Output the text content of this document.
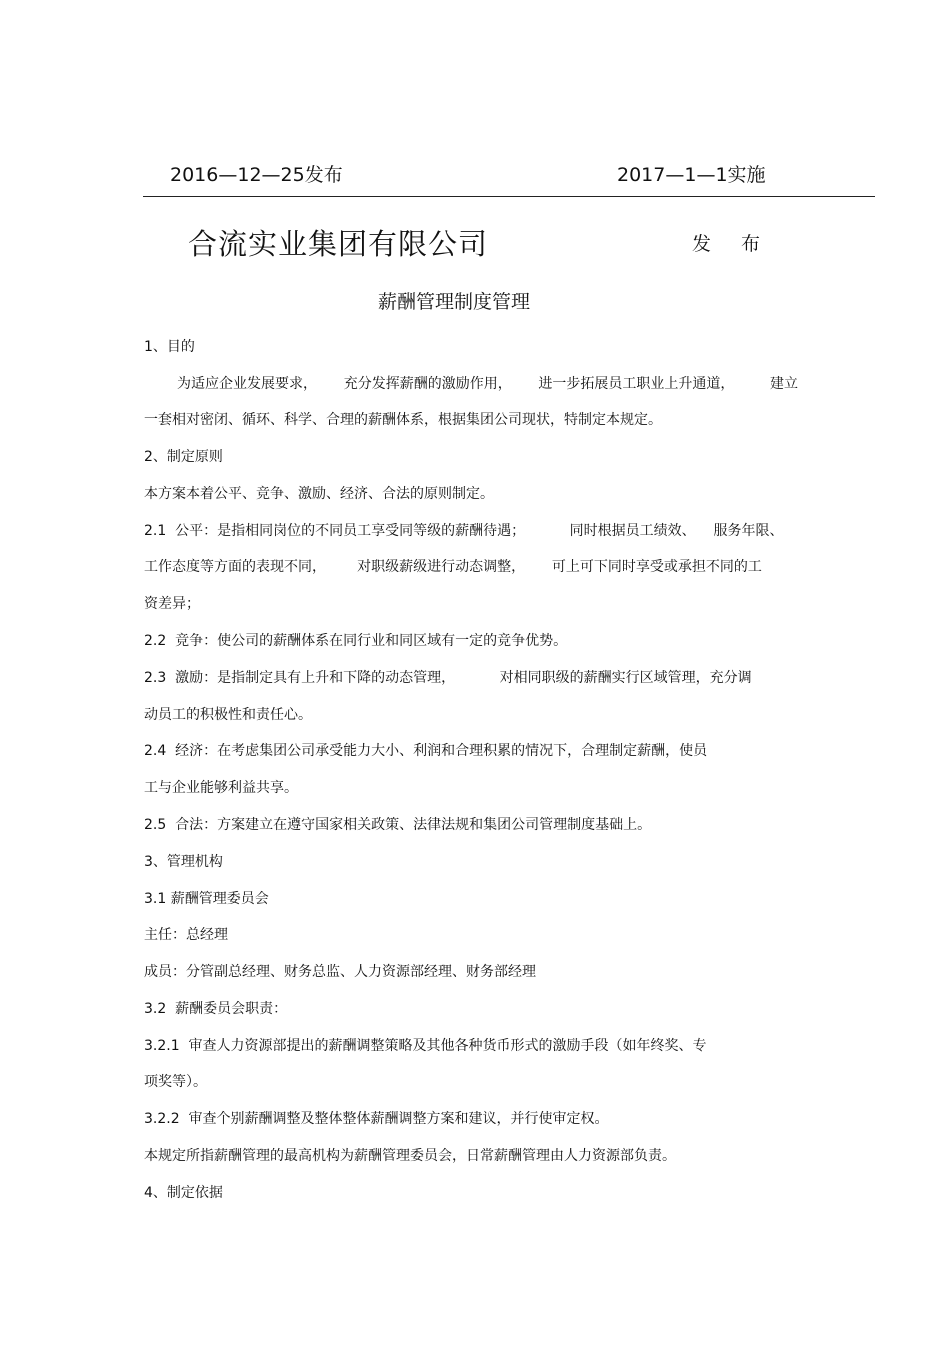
2016—12—25发布	2017—1—1实施
合流实业集团有限公司	发 布
薪酬管理制度管理
1、目的
为适应企业发展要求，      充分发挥薪酬的激励作用，      进一步拓展员工职业上升通道，        建立
一套相对密闭、循环、科学、合理的薪酬体系，根据集团公司现状，特制定本规定。
2、制定原则
本方案本着公平、竞争、激励、经济、合法的原则制定。
2.1  公平：是指相同岗位的不同员工享受同等级的薪酬待遇；          同时根据员工绩效、    服务年限、
工作态度等方面的表现不同，       对职级薪级进行动态调整，      可上可下同时享受或承担不同的工
资差异；
2.2  竞争：使公司的薪酬体系在同行业和同区域有一定的竞争优势。
2.3  激励：是指制定具有上升和下降的动态管理，          对相同职级的薪酬实行区域管理，充分调
动员工的积极性和责任心。
2.4  经济：在考虑集团公司承受能力大小、利润和合理积累的情况下，合理制定薪酬，使员
工与企业能够利益共享。
2.5  合法：方案建立在遵守国家相关政策、法律法规和集团公司管理制度基础上。
3、管理机构
3.1 薪酬管理委员会
主任：总经理
成员：分管副总经理、财务总监、人力资源部经理、财务部经理
3.2  薪酬委员会职责：
3.2.1  审查人力资源部提出的薪酬调整策略及其他各种货币形式的激励手段（如年终奖、专
项奖等）。
3.2.2  审查个别薪酬调整及整体整体薪酬调整方案和建议，并行使审定权。
本规定所指薪酬管理的最高机构为薪酬管理委员会，日常薪酬管理由人力资源部负责。
4、制定依据
